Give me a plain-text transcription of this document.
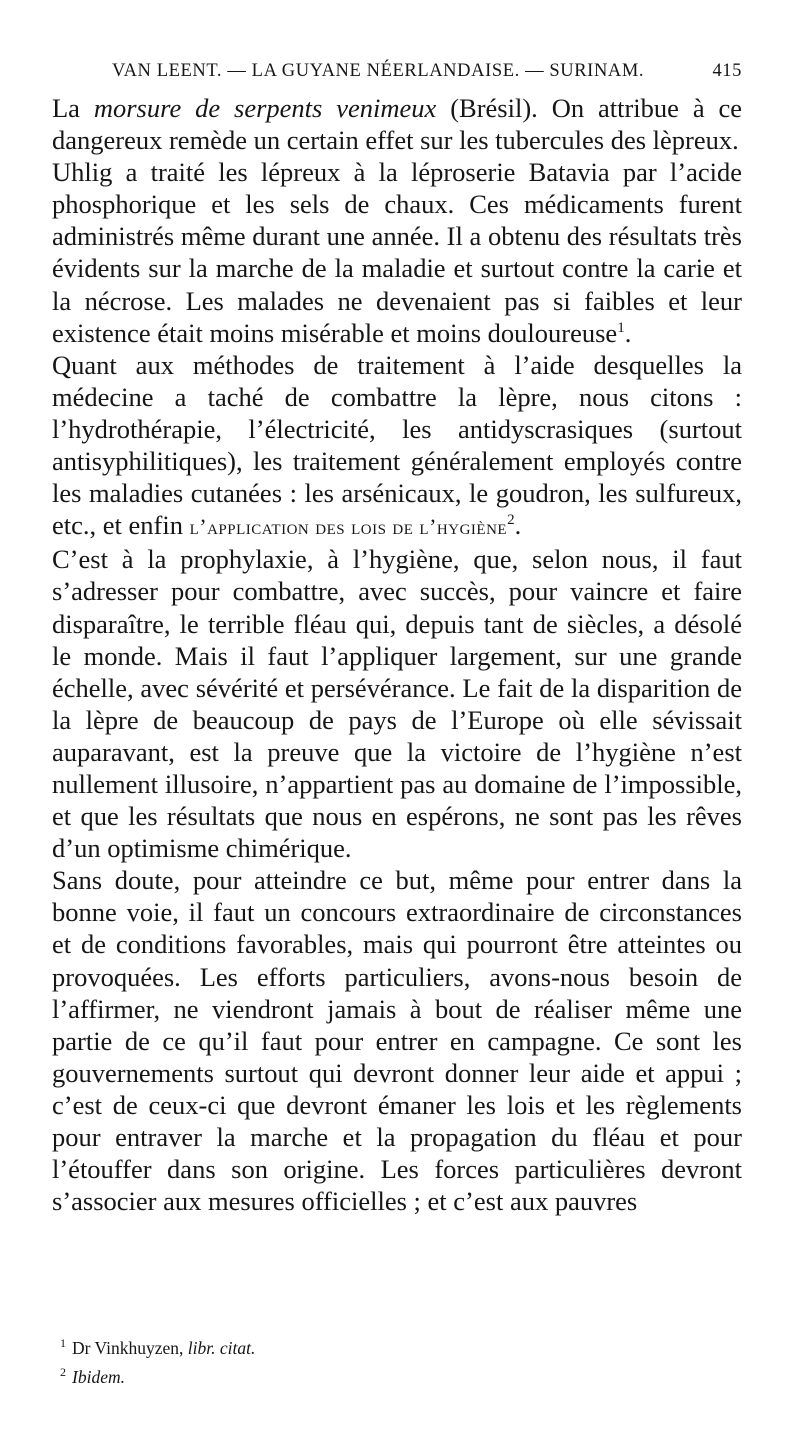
VAN LEENT. — LA GUYANE NÉERLANDAISE. — SURINAM.	415

La morsure de serpents venimeux (Brésil). On attribue à ce dangereux remède un certain effet sur les tubercules des lèpreux.

Uhlig a traité les lépreux à la léproserie Batavia par l’acide phosphorique et les sels de chaux. Ces médicaments furent administrés même durant une année. Il a obtenu des résultats très évidents sur la marche de la maladie et surtout contre la carie et la nécrose. Les malades ne devenaient pas si faibles et leur existence était moins misérable et moins douloureuse$^1$.

Quant aux méthodes de traitement à l’aide desquelles la médecine a taché de combattre la lèpre, nous citons : l’hydrothérapie, l’électricité, les antidyscrasiques (surtout antisyphilitiques), les traitement généralement employés contre les maladies cutanées : les arsénicaux, le goudron, les sulfureux, etc., et enfin l’application des lois de l’hygiène$^2$.

C’est à la prophylaxie, à l’hygiène, que, selon nous, il faut s’adresser pour combattre, avec succès, pour vaincre et faire disparaître, le terrible fléau qui, depuis tant de siècles, a désolé le monde. Mais il faut l’appliquer largement, sur une grande échelle, avec sévérité et persévérance. Le fait de la disparition de la lèpre de beaucoup de pays de l’Europe où elle sévissait auparavant, est la preuve que la victoire de l’hygiène n’est nullement illusoire, n’appartient pas au domaine de l’impossible, et que les résultats que nous en espérons, ne sont pas les rêves d’un optimisme chimérique.

Sans doute, pour atteindre ce but, même pour entrer dans la bonne voie, il faut un concours extraordinaire de circonstances et de conditions favorables, mais qui pourront être atteintes ou provoquées. Les efforts particuliers, avons-nous besoin de l’affirmer, ne viendront jamais à bout de réaliser même une partie de ce qu’il faut pour entrer en campagne. Ce sont les gouvernements surtout qui devront donner leur aide et appui ; c’est de ceux-ci que devront émaner les lois et les règlements pour entraver la marche et la propagation du fléau et pour l’étouffer dans son origine. Les forces particulières devront s’associer aux mesures officielles ; et c’est aux pauvres

$^1$ Dr Vinkhuyzen, libr. citat.

$^2$ Ibidem.
